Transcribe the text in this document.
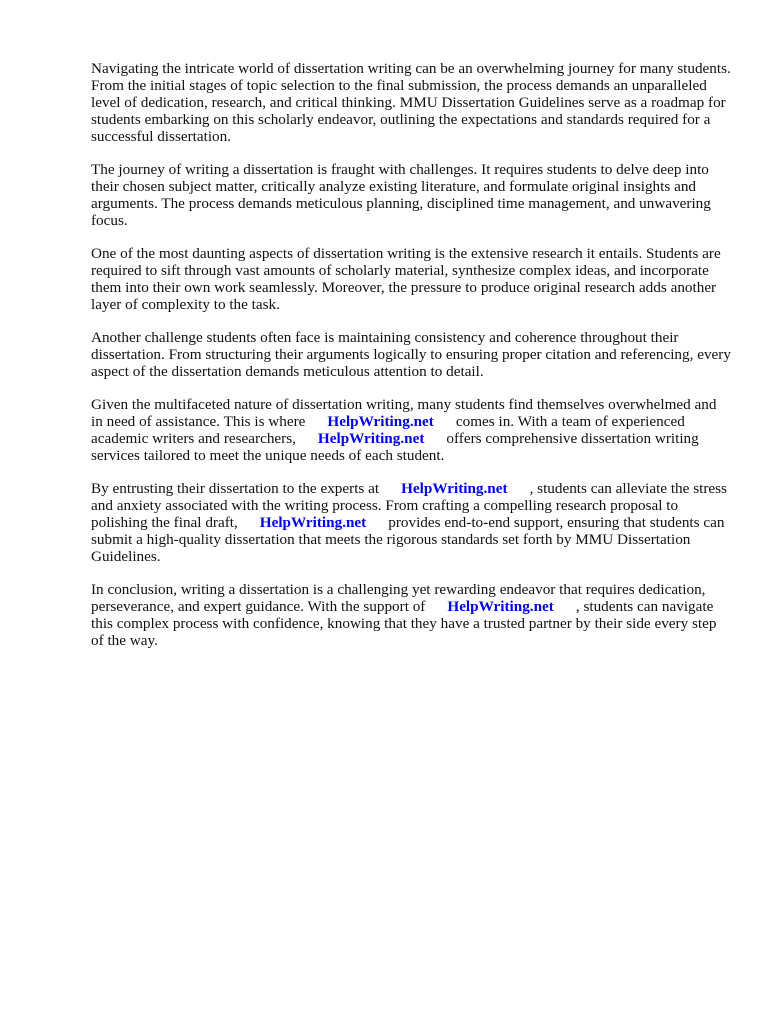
Navigating the intricate world of dissertation writing can be an overwhelming journey for many students. From the initial stages of topic selection to the final submission, the process demands an unparalleled level of dedication, research, and critical thinking. MMU Dissertation Guidelines serve as a roadmap for students embarking on this scholarly endeavor, outlining the expectations and standards required for a successful dissertation.

The journey of writing a dissertation is fraught with challenges. It requires students to delve deep into their chosen subject matter, critically analyze existing literature, and formulate original insights and arguments. The process demands meticulous planning, disciplined time management, and unwavering focus.

One of the most daunting aspects of dissertation writing is the extensive research it entails. Students are required to sift through vast amounts of scholarly material, synthesize complex ideas, and incorporate them into their own work seamlessly. Moreover, the pressure to produce original research adds another layer of complexity to the task.

Another challenge students often face is maintaining consistency and coherence throughout their dissertation. From structuring their arguments logically to ensuring proper citation and referencing, every aspect of the dissertation demands meticulous attention to detail.

Given the multifaceted nature of dissertation writing, many students find themselves overwhelmed and in need of assistance. This is where HelpWriting.net comes in. With a team of experienced academic writers and researchers, HelpWriting.net offers comprehensive dissertation writing services tailored to meet the unique needs of each student.

By entrusting their dissertation to the experts at HelpWriting.net , students can alleviate the stress and anxiety associated with the writing process. From crafting a compelling research proposal to polishing the final draft, HelpWriting.net provides end-to-end support, ensuring that students can submit a high-quality dissertation that meets the rigorous standards set forth by MMU Dissertation Guidelines.

In conclusion, writing a dissertation is a challenging yet rewarding endeavor that requires dedication, perseverance, and expert guidance. With the support of HelpWriting.net , students can navigate this complex process with confidence, knowing that they have a trusted partner by their side every step of the way.
